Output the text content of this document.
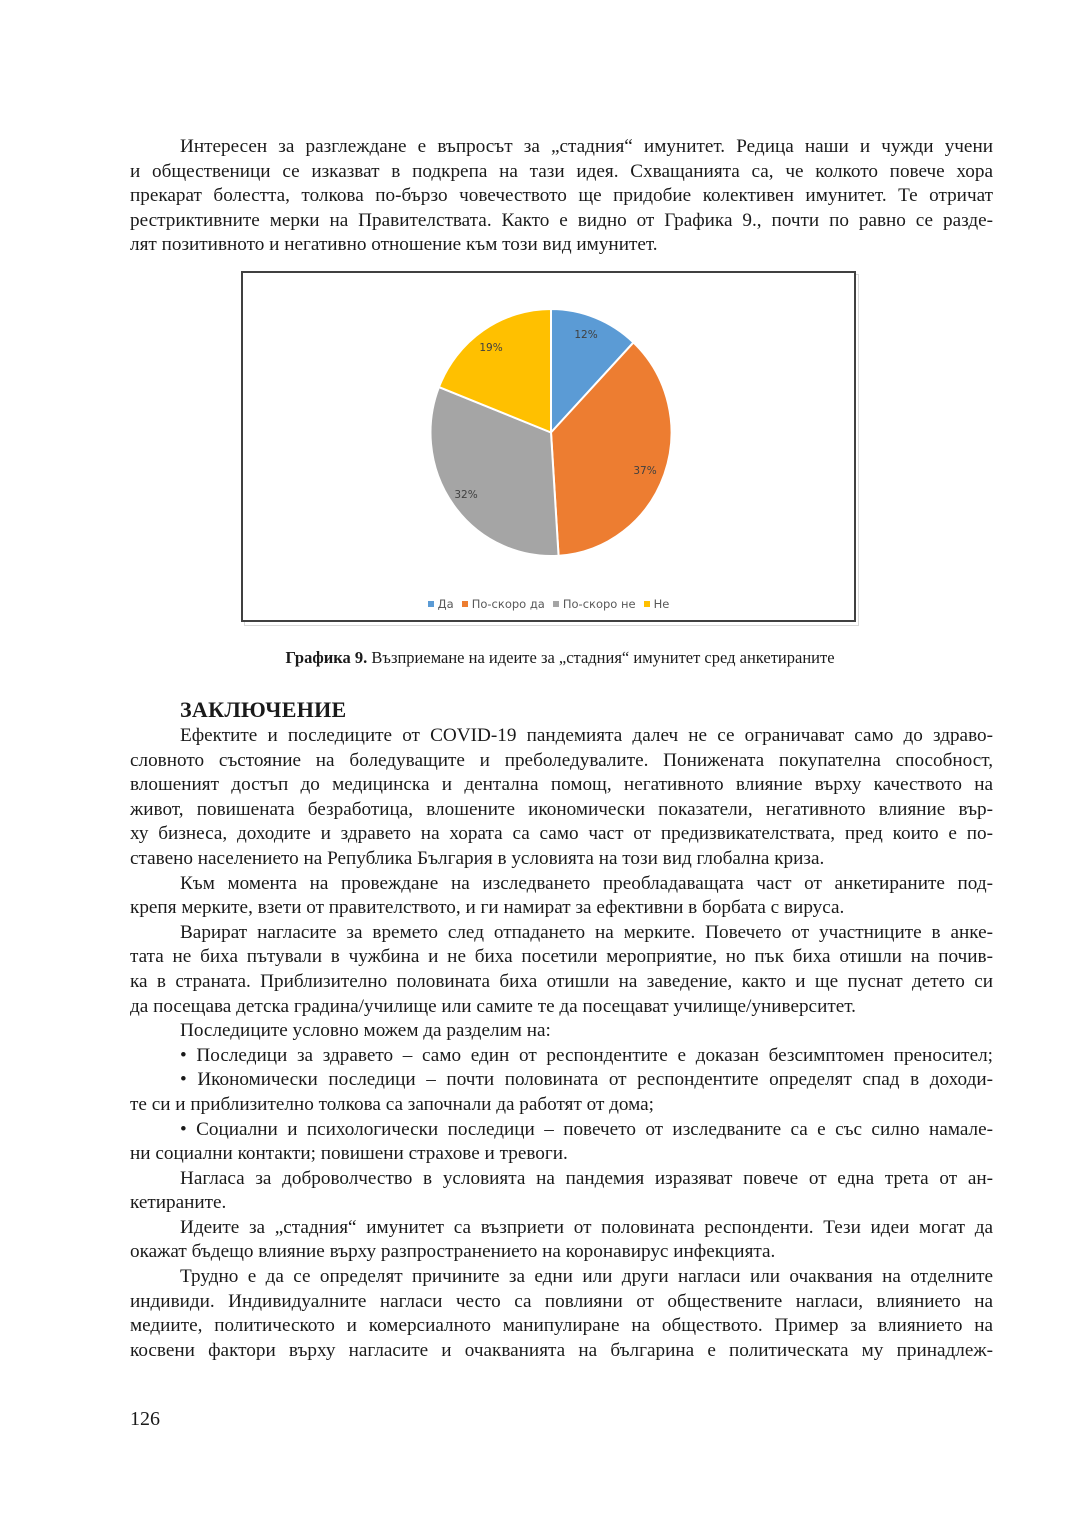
Интересен за разглеждане е въпросът за „стадния“ имунитет. Редица наши и чужди учени
и общественици се изказват в подкрепа на тази идея. Схващанията са, че колкото повече хора
прекарат болестта, толкова по-бързо човечеството ще придобие колективен имунитет. Те отричат
рестриктивните мерки на Правителствата. Както е видно от Графика 9., почти по равно се разде-
лят позитивното и негативно отношение към този вид имунитет.
12%
37%
32%
19%
Да По-скоро да По-скоро не Не
Графика 9. Възприемане на идеите за „стадния“ имунитет сред анкетираните
ЗАКЛЮЧЕНИЕ
Ефектите и последиците от COVID-19 пандемията далеч не се ограничават само до здраво-
словното състояние на боледуващите и преболедувалите. Понижената покупателна способност,
влошеният достъп до медицинска и дентална помощ, негативното влияние върху качеството на
живот, повишената безработица, влошените икономически показатели, негативното влияние вър-
ху бизнеса, доходите и здравето на хората са само част от предизвикателствата, пред които е по-
ставено населението на Република България в условията на този вид глобална криза.
Към момента на провеждане на изследването преобладаващата част от анкетираните под-
крепя мерките, взети от правителството, и ги намират за ефективни в борбата с вируса.
Варират нагласите за времето след отпадането на мерките. Повечето от участниците в анке-
тата не биха пътували в чужбина и не биха посетили мероприятие, но пък биха отишли на почив-
ка в страната. Приблизително половината биха отишли на заведение, както и ще пуснат детето си
да посещава детска градина/училище или самите те да посещават училище/университет.
Последиците условно можем да разделим на:
• Последици за здравето – само един от респондентите е доказан безсимптомен преносител;
• Икономически последици – почти половината от респондентите определят спад в доходи-
те си и приблизително толкова са започнали да работят от дома;
• Социални и психологически последици – повечето от изследваните са е със силно намале-
ни социални контакти; повишени страхове и тревоги.
Нагласа за доброволчество в условията на пандемия изразяват повече от една трета от ан-
кетираните.
Идеите за „стадния“ имунитет са възприети от половината респонденти. Тези идеи могат да
окажат бъдещо влияние върху разпространението на коронавирус инфекцията.
Трудно е да се определят причините за едни или други нагласи или очаквания на отделните
индивиди. Индивидуалните нагласи често са повлияни от обществените нагласи, влиянието на
медиите, политическото и комерсиалното манипулиране на обществото. Пример за влиянието на
косвени фактори върху нагласите и очакванията на българина е политическата му принадлеж-
126
